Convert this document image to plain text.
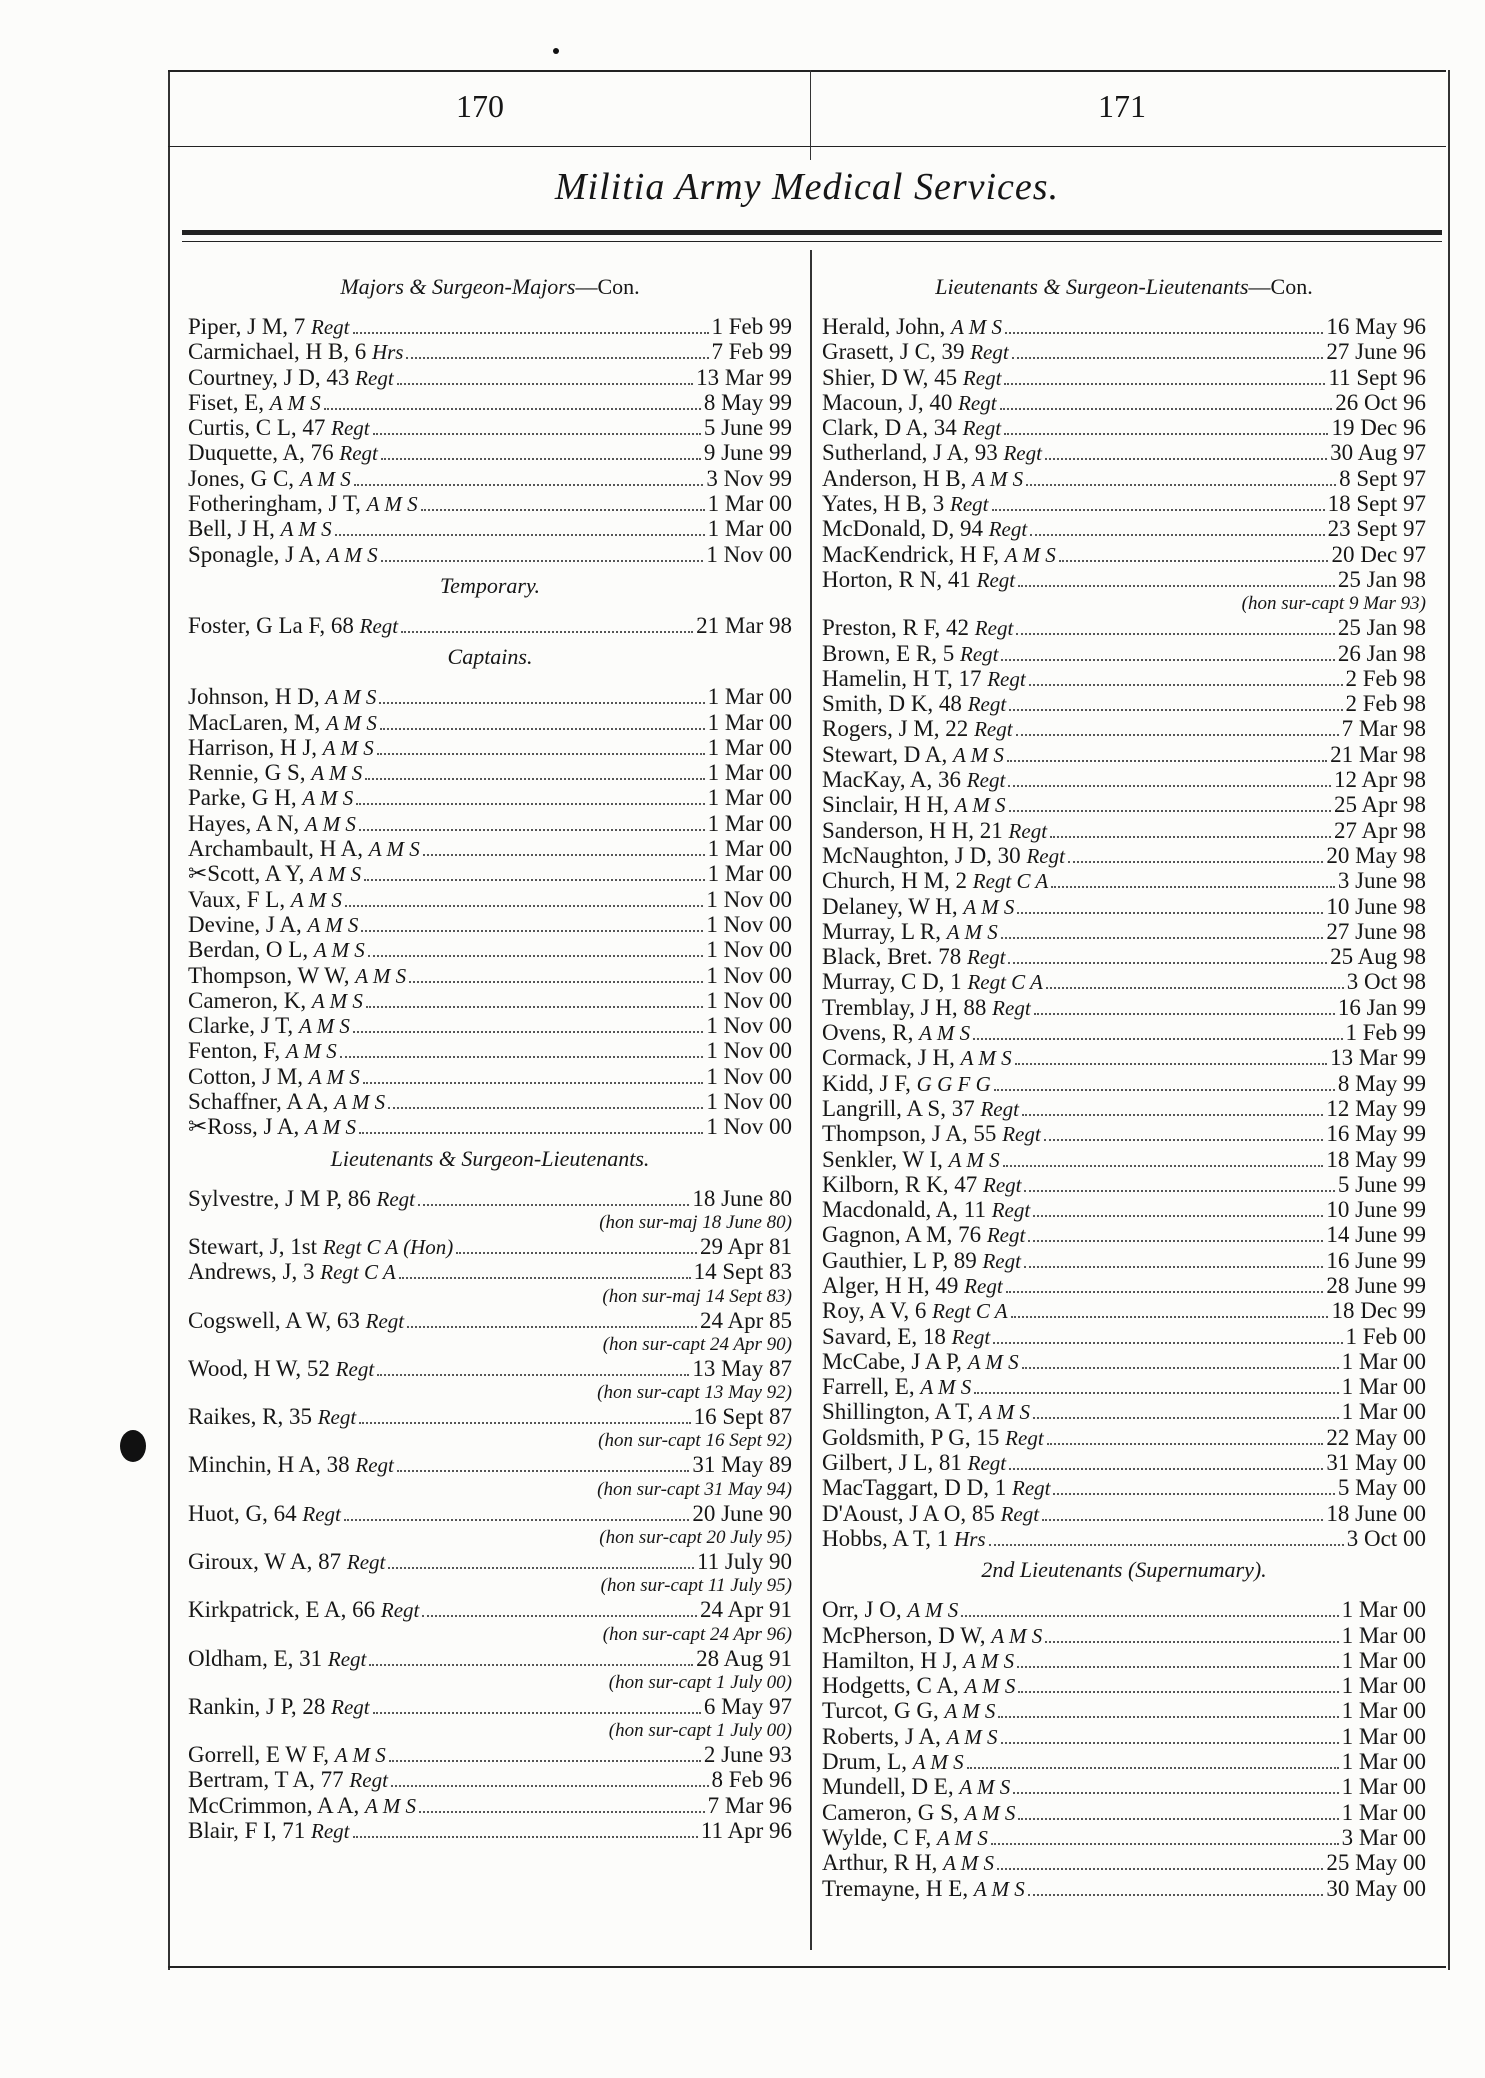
170	171
Militia Army Medical Services.
Majors & Surgeon-Majors—Con.
Piper, J M, 7 Regt	1 Feb 99
Carmichael, H B, 6 Hrs	7 Feb 99
Courtney, J D, 43 Regt	13 Mar 99
Fiset, E, A M S	8 May 99
Curtis, C L, 47 Regt	5 June 99
Duquette, A, 76 Regt	9 June 99
Jones, G C, A M S	3 Nov 99
Fotheringham, J T, A M S	1 Mar 00
Bell, J H, A M S	1 Mar 00
Sponagle, J A, A M S	1 Nov 00
Temporary.
Foster, G La F, 68 Regt	21 Mar 98
Captains.
Johnson, H D, A M S	1 Mar 00
MacLaren, M, A M S	1 Mar 00
Harrison, H J, A M S	1 Mar 00
Rennie, G S, A M S	1 Mar 00
Parke, G H, A M S	1 Mar 00
Hayes, A N, A M S	1 Mar 00
Archambault, H A, A M S	1 Mar 00
✂Scott, A Y, A M S	1 Mar 00
Vaux, F L, A M S	1 Nov 00
Devine, J A, A M S	1 Nov 00
Berdan, O L, A M S	1 Nov 00
Thompson, W W, A M S	1 Nov 00
Cameron, K, A M S	1 Nov 00
Clarke, J T, A M S	1 Nov 00
Fenton, F, A M S	1 Nov 00
Cotton, J M, A M S	1 Nov 00
Schaffner, A A, A M S	1 Nov 00
✂Ross, J A, A M S	1 Nov 00
Lieutenants & Surgeon-Lieutenants.
Sylvestre, J M P, 86 Regt	18 June 80
(hon sur-maj 18 June 80)
Stewart, J, 1st Regt C A (Hon)	29 Apr 81
Andrews, J, 3 Regt C A	14 Sept 83
(hon sur-maj 14 Sept 83)
Cogswell, A W, 63 Regt	24 Apr 85
(hon sur-capt 24 Apr 90)
Wood, H W, 52 Regt	13 May 87
(hon sur-capt 13 May 92)
Raikes, R, 35 Regt	16 Sept 87
(hon sur-capt 16 Sept 92)
Minchin, H A, 38 Regt	31 May 89
(hon sur-capt 31 May 94)
Huot, G, 64 Regt	20 June 90
(hon sur-capt 20 July 95)
Giroux, W A, 87 Regt	11 July 90
(hon sur-capt 11 July 95)
Kirkpatrick, E A, 66 Regt	24 Apr 91
(hon sur-capt 24 Apr 96)
Oldham, E, 31 Regt	28 Aug 91
(hon sur-capt 1 July 00)
Rankin, J P, 28 Regt	6 May 97
(hon sur-capt 1 July 00)
Gorrell, E W F, A M S	2 June 93
Bertram, T A, 77 Regt	8 Feb 96
McCrimmon, A A, A M S	7 Mar 96
Blair, F I, 71 Regt	11 Apr 96
Lieutenants & Surgeon-Lieutenants—Con.
Herald, John, A M S	16 May 96
Grasett, J C, 39 Regt	27 June 96
Shier, D W, 45 Regt	11 Sept 96
Macoun, J, 40 Regt	26 Oct 96
Clark, D A, 34 Regt	19 Dec 96
Sutherland, J A, 93 Regt	30 Aug 97
Anderson, H B, A M S	8 Sept 97
Yates, H B, 3 Regt	18 Sept 97
McDonald, D, 94 Regt	23 Sept 97
MacKendrick, H F, A M S	20 Dec 97
Horton, R N, 41 Regt	25 Jan 98
(hon sur-capt 9 Mar 93)
Preston, R F, 42 Regt	25 Jan 98
Brown, E R, 5 Regt	26 Jan 98
Hamelin, H T, 17 Regt	2 Feb 98
Smith, D K, 48 Regt	2 Feb 98
Rogers, J M, 22 Regt	7 Mar 98
Stewart, D A, A M S	21 Mar 98
MacKay, A, 36 Regt	12 Apr 98
Sinclair, H H, A M S	25 Apr 98
Sanderson, H H, 21 Regt	27 Apr 98
McNaughton, J D, 30 Regt	20 May 98
Church, H M, 2 Regt C A	3 June 98
Delaney, W H, A M S	10 June 98
Murray, L R, A M S	27 June 98
Black, Bret. 78 Regt	25 Aug 98
Murray, C D, 1 Regt C A	3 Oct 98
Tremblay, J H, 88 Regt	16 Jan 99
Ovens, R, A M S	1 Feb 99
Cormack, J H, A M S	13 Mar 99
Kidd, J F, G G F G	8 May 99
Langrill, A S, 37 Regt	12 May 99
Thompson, J A, 55 Regt	16 May 99
Senkler, W I, A M S	18 May 99
Kilborn, R K, 47 Regt	5 June 99
Macdonald, A, 11 Regt	10 June 99
Gagnon, A M, 76 Regt	14 June 99
Gauthier, L P, 89 Regt	16 June 99
Alger, H H, 49 Regt	28 June 99
Roy, A V, 6 Regt C A	18 Dec 99
Savard, E, 18 Regt	1 Feb 00
McCabe, J A P, A M S	1 Mar 00
Farrell, E, A M S	1 Mar 00
Shillington, A T, A M S	1 Mar 00
Goldsmith, P G, 15 Regt	22 May 00
Gilbert, J L, 81 Regt	31 May 00
MacTaggart, D D, 1 Regt	5 May 00
D'Aoust, J A O, 85 Regt	18 June 00
Hobbs, A T, 1 Hrs	3 Oct 00
2nd Lieutenants (Supernumary).
Orr, J O, A M S	1 Mar 00
McPherson, D W, A M S	1 Mar 00
Hamilton, H J, A M S	1 Mar 00
Hodgetts, C A, A M S	1 Mar 00
Turcot, G G, A M S	1 Mar 00
Roberts, J A, A M S	1 Mar 00
Drum, L, A M S	1 Mar 00
Mundell, D E, A M S	1 Mar 00
Cameron, G S, A M S	1 Mar 00
Wylde, C F, A M S	3 Mar 00
Arthur, R H, A M S	25 May 00
Tremayne, H E, A M S	30 May 00
